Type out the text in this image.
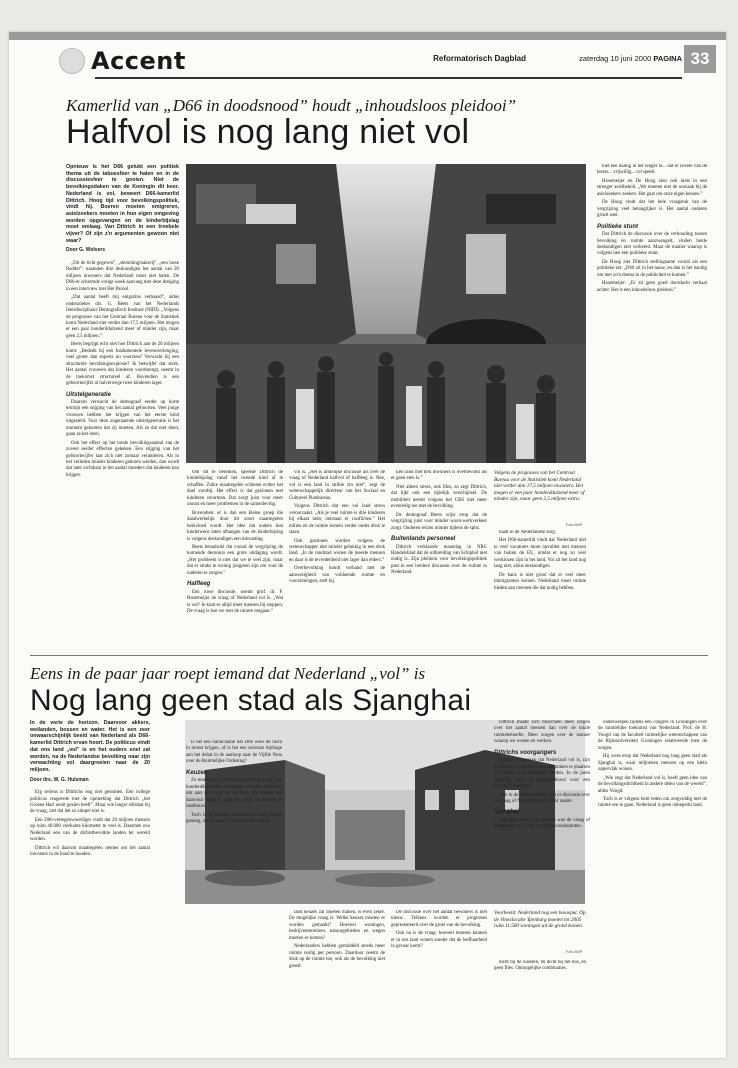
Accent	Reformatorisch Dagblad	zaterdag 10 juni 2000 PAGINA 33
Kamerlid van „D66 in doodsnood” houdt „inhoudsloos pleidooi”
Halfvol is nog lang niet vol
Opnieuw is het D66 gelukt een politiek thema uit de taboesfeer te halen en in de discussiesfeer te gooien. Niet de bevolkingsdaken van de Koningin dit keer. Nederland is vol, beweert D66-kamerlid Dittrich. Hoog tijd voor bevolkingspolitiek, vindt hij. Boeren moeten emigreren, asielzoekers moeten in hun eigen omgeving worden opgevangen en de kinderbijslag moet omlaag. Van Dittrich in een troebele vijver? Of zijn z'n argumenten gewoon niet waar?
Door G. Wolvers

„Dit de licht gegeven”, „stemmingmakerij”, „een losse flodder”: naamden drie deskundigen het aantal van 20 miljoen inwoners dat Nederland moet niet halen. De D66-er schermde vorige week aanvang met deze dreiging in een interview met Het Parool.

„Dat aantal heeft mij enigszins verbaasd”, aldus onderzoeker drs. G. Beets van het Nederlands Interdisciplinair Demografisch Instituut (NIDI). „Volgens de prognoses van het Centraal Bureau voor de Statistiek komt Nederland niet verder dan 17,5 miljoen. Het mogen er een paar honderdduizend meer of minder zijn, maar geen 2,5 miljoen.”

Beets begrijpt echt niet hoe Dittrich aan de 20 miljoen komt. „Bedenk hij een fundamentele levensverlenging, veel groter dan experts nu voorzien? Verwacht hij een structurele bevolkingsexplosie? Ik betwijfel dat sterk. Het aantal vrouwen dat kinderen voortbrengt, neemt in de toekomst structureel af. Bovendien is een geboortecijfer al halverwege twee kinderen lager.

Uitstelgeneratie

Daarom verwacht de demograaf eerder op korte termijn een stijging van het aantal geboorten. Veel jonge vrouwen hebben het krijgen van het eerste kind uitgesteld. Voor deze zogenaamde uitstelgeneratie is het moment gekomen dat zij moeten. Als ze dat niet doen, gaan ze het doen.

Ook het effect op het totale bevolkingsaantal van de zoveel eerder effecten gekeken. Een stijging van het geboortecijfer laat zich niet zomaar veranderen. Als in het verleden minder kinderen geboren werden, dan wordt dat later zichtbaar in het aantal moeders dat kinderen kan krijgen.

Om dit te bereiken, speelde Dittrich de kinderbijslag vanaf het tweede kind af te schaffen. Zulke maatregelen schieten echter het doel voorbij. Het effect is dat gezinnen met kinderen verarmen. Dat zorgt juist voor meer onrust en meer problemen in de samenleving.

Bovendien: er is dan een kleine groep die daadwerkelijk door dit soort maatregelen beïnvloed wordt. Het idee dat ouders hun kinderwens laten afhangen van de kinderbijslag is volgens deskundigen een misvatting.

Beets benadrukt dat vooral de vergrijzing de komende decennia een grote uitdaging wordt. „Het probleem is niet dat we te veel zijn, maar dat er straks te weinig jongeren zijn om voor de ouderen te zorgen.”

Halfleeg

Een ruwe discussie, noemt prof. dr. F. Hosemeijer de vraag of Nederland vol is. „Wat is vol? Je kunt er altijd meer mensen bij stoppen. De vraag is hoe we met de ruimte omgaan.”

vol is. „Het is armelijke discussie als over de vraag of Nederland halfvol of halfleeg is. Nee, vol is een land in strikte zin niet”, zegt de wetenschappelijk directeur van het Sociaal en Cultureel Planbureau.

Volgens Dittrich dat een vol land stress veroorzaakt. „Als je veel ruimte is drie kinderen bij elkaar hebt, ontstaan er conflicten.” Het milieu en de ruimte komen verder onder druk te staan.

Ook gezinnen worden volgens de wetenschapper niet minder gelukkig in een druk land. „In de randstad wonen de meeste mensen en daar is de tevredenheid niet lager dan elders.”

Overbevolking houdt verband met de aanwezigheid van voldoende ruimte en voorzieningen, stelt hij.

Een land met tien inwoners is overbevolkt als er geen eten is.”

Niet alleen stress, ook files, zo zegt Dittrich, dat lijkt ook een tijdelijk verschijnsel. De mobiliteit neemt volgens het CBS niet meer evenredig toe met de bevolking.

De demograaf Beets wijst erop dat de vergrijzing juist voor minder woon-werkverkeer zorgt. Ouderen reizen minder tijdens de spits.

Buitenlands personeel

Dittrich verklaarde maandag in NRC Handelsblad dat de uitbreiding van Schiphol niet nodig is. Zijn pleidooi voor bevolkingspolitiek past in een bredere discussie over de ruimte in Nederland.

Volgens de prognoses van het Centraal Bureau voor de Statistiek komt Nederland niet verder dan 17,5 miljoen inwoners. Het mogen er een paar honderdduizend meer of minder zijn, maar geen 2,5 miljoen extra.
Foto ANP

haalt in de Nederlandse zorg.

Het D66-kamerlid vindt dat Nederland niet te veel vacatures moet opvullen met mensen van buiten de EU, omdat er nog zo veel werklozen zijn in het land. Vol zit het land nog lang niet, aldus deskundigen.

De kans is niet groot dat er veel meer immigranten komen. Nederland moet ruimte bieden aan mensen die dat nodig hebben.

niet een daling in het langer la... dat er zoveel van de lezers... vrijwillig... rol speelt.

Hosemeijer en De Hoog zien ook niets in een strenger asielbeleid. „We moeten niet de oorzaak bij de asielzoekers zoeken. Het gaat om onze eigen keuzes.”

De Hoog vindt dat het hele vraagstuk van de vergrijzing veel belangrijker is. Het aantal ouderen groeit snel.

Politieke stunt

Dat Dittrich de discussie over de verhouding tussen bevolking en ruimte aanzwengelt, vinden beide deskundigen niet verkeerd. Maar de manier waarop is volgens hen een politieke stunt.

De Hoog ziet Dittrich stellingname vooral als een politieke zet. „D66 zit in het nauw, en dan is het handig om met zo'n thema in de publiciteit te komen.”

Hosemeijer: „Er zit geen goed doordacht verhaal achter. Het is een inhoudsloos pleidooi.”

Eens in de paar jaar roept iemand dat Nederland „vol” is
Nog lang geen stad als Sjanghai
In de verte de horizon. Daarvoor akkers, weilanden, bossen en water. Het is een zeer onwaarschijnlijk beeld van Nederland als D66-kamerlid Dittrich ervan hoort. De politicus vindt dat ons land „vol” is en het ouders snel zal worden, na de Nederlandse bevolking naar zijn verwachting vol daargroeien naar de 20 miljoen.
Door drs. W. G. Hulsman

Erg serieus is Dittrichs oog niet genomen. Een college politicus reageerde met de opmerking dat Dittrich „het Groene Hart nooit gezien heeft”. Maar wie langer stilstaat bij de vraag, ziet dat het zo simpel niet is.

Een D66-vertegenwoordiger vindt dat 20 miljoen mensen op ruim 40.000 vierkante kilometer te veel is. Daarmee zou Nederland een van de dichtstbevolkte landen ter wereld worden.

Dittrich wil daarom maatregelen nemen om het aantal inwoners in de hand te houden.

Is het een hallucinatie dat D66 weer de lucht in moest krijgen, of is het een serieuze bijdrage aan het debat in de aanloop naar de Vijfde Nota over de Ruimtelijke Ordening?

Keuzen

Zo moeten er in Nederland voorlopig nog vele honderdduizenden woningen worden gebouwd om aan de vraag te voldoen. De ruimte die daarvoor nodig is, gaat ten koste van natuur en landbouw.

Toch is er volgens deskundigen nog ruimte genoeg, als we maar slimme keuzes maken.

land keuzes zal moeten maken, is even zeker. De mogelijke vraag is: Welke keuzes moeten er worden gemaakt? Hoeveel woningen, bedrijventerreinen, natuurgebieden en wegen moeten er komen?

Nederlanders hebben gemiddeld steeds meer ruimte nodig per persoon. Daardoor neemt de druk op de ruimte toe, ook als de bevolking niet groeit.

De discussie over het aantal bewoners is niet nieuw. Telkens worden er prognoses gepresenteerd over de groei van de bevolking.

Ook nu is de vraag: hoeveel mensen kunnen er in ons land wonen zonder dat de leefbaarheid in gevaar komt?

Voorbeeld: Nederland nog een bouwput. Op de Vinexlocatie Ypenburg moeten tot 2005 ruim 11.500 woningen uit de grond komen.
Foto ANP

dicht bij de wanden, en dicht bij het bos, en geen files. Onmogelijke combinaties.

onderwerpen tijdens een congres in Groningen over de ruimtelijke toekomst van Nederland. Prof. de H. Voogd van de faculteit ruimtelijke wetenschappen van de Rijksuniversiteit Groningen relativeerde toen de zorgen.

Hij wees erop dat Nederland nog lang geen stad als Sjanghai is, waar miljoenen mensen op een klein oppervlak wonen.

„Wie zegt dat Nederland vol is, heeft geen idee van de bevolkingsdichtheid in andere delen van de wereld”, aldus Voogd.

Toch is er volgens hem reden om zorgvuldig met de ruimte om te gaan. Nederland is geen onbeperkt land.

Dittrich maakt zich misschien meer zorgen over het aantal mensen dan over de totale ruimtebehoefte. Meer zorgen over de manier waarop we wonen en werken.

Dittrichs voorgangers

Dittrich uitspraken dat Nederland vol is, zijn overigens in een reeks van uitspraken te plaatsen die steeds weer herhaald worden. In de jaren zeventig werd al gewaarschuwd voor een overvol Nederland.

Ook in de jaren negentig was er discussie over de vraag of Nederland niet te vol raakte.

Sjanghai

Nog geen twee jaar geleden was de vraag of Nederland vol is een van de discussiepunten.
